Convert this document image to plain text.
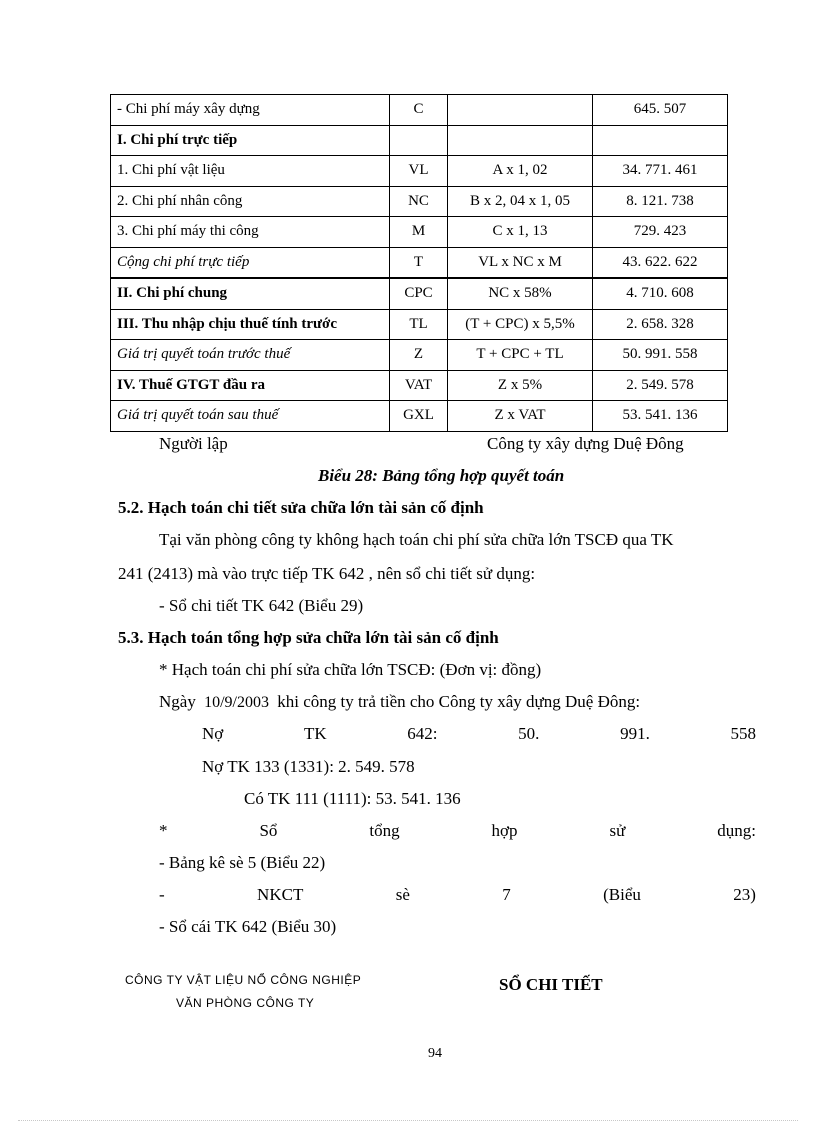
- Chi phí máy xây dựng	C		645. 507
I. Chi phí trực tiếp			
1. Chi phí vật liệu	VL	A x 1, 02	34. 771. 461
2. Chi phí nhân công	NC	B x 2, 04 x 1, 05	8. 121. 738
3. Chi phí máy thi công	M	C x 1, 13	729. 423
Cộng chi phí trực tiếp	T	VL x NC x M	43. 622. 622
II. Chi phí chung	CPC	NC x 58%	4. 710. 608
III. Thu nhập chịu thuế tính trước	TL	(T + CPC) x 5,5%	2. 658. 328
Giá trị quyết toán trước thuế	Z	T + CPC + TL	50. 991. 558
IV. Thuế GTGT đầu ra	VAT	Z x 5%	2. 549. 578
Giá trị quyết toán sau thuế	GXL	Z x VAT	53. 541. 136
Người lập	Công ty xây dựng Duệ Đông
Biểu 28: Bảng tổng hợp quyết toán
5.2. Hạch toán chi tiết sửa chữa lớn tài sản cố định
Tại văn phòng công ty không hạch toán chi phí sửa chữa lớn TSCĐ qua TK
241 (2413) mà vào trực tiếp TK 642 , nên sổ chi tiết sử dụng:
- Sổ chi tiết TK 642 (Biểu 29)
5.3. Hạch toán tổng hợp sửa chữa lớn tài sản cố định
* Hạch toán chi phí sửa chữa lớn TSCĐ: (Đơn vị: đồng)
Ngày 10/9/2003 khi công ty trả tiền cho Công ty xây dựng Duệ Đông:
Nợ	TK	642:	50.	991.	558
Nợ TK 133 (1331): 2. 549. 578
Có TK 111 (1111): 53. 541. 136
*	Sổ	tổng	hợp	sử	dụng:
- Bảng kê sè 5 (Biểu 22)
-	NKCT	sè	7	(Biểu	23)
- Sổ cái TK 642 (Biểu 30)
CÔNG TY VẬT LIỆU NỔ CÔNG NGHIỆP
VĂN PHÒNG CÔNG TY
SỔ CHI TIẾT
94
